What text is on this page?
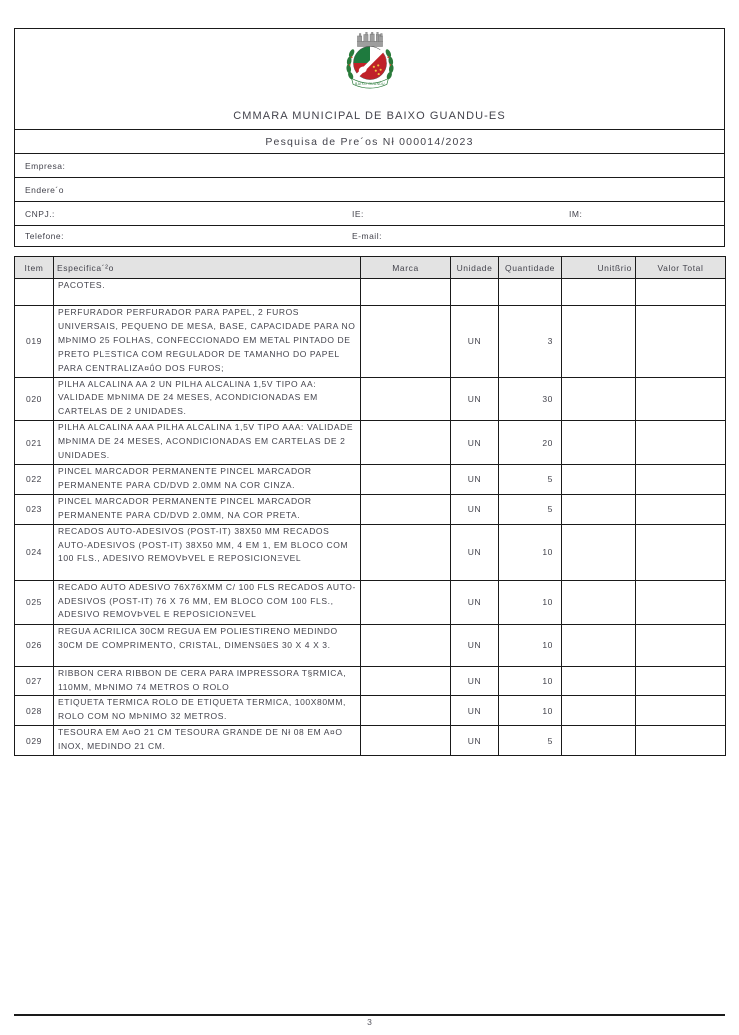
BAIXO GUANDU
CMMARA MUNICIPAL DE BAIXO GUANDU-ES
Pesquisa de Pre´os Nł 000014/2023
Empresa:
Endere´o
CNPJ.:	IE:	IM:
Telefone:	E-mail:
Item	Especifica´²o	Marca	Unidade	Quantidade	Unitßrio	Valor Total
	PACOTES.					
019	PERFURADOR PERFURADOR PARA PAPEL, 2 FUROS UNIVERSAIS, PEQUENO DE MESA, BASE, CAPACIDADE PARA NO MÞNIMO 25 FOLHAS, CONFECCIONADO EM METAL PINTADO DE PRETO PLΞSTICA COM REGULADOR DE TAMANHO DO PAPEL PARA CENTRALIZA¤ṹO DOS FUROS;		UN	3		
020	PILHA ALCALINA AA 2 UN PILHA ALCALINA 1,5V TIPO AA: VALIDADE MÞNIMA DE 24 MESES, ACONDICIONADAS EM CARTELAS DE 2 UNIDADES.		UN	30		
021	PILHA ALCALINA AAA PILHA ALCALINA 1,5V TIPO AAA: VALIDADE MÞNIMA DE 24 MESES, ACONDICIONADAS EM CARTELAS DE 2 UNIDADES.		UN	20		
022	PINCEL MARCADOR PERMANENTE PINCEL MARCADOR PERMANENTE PARA CD/DVD 2.0MM NA COR CINZA.		UN	5		
023	PINCEL MARCADOR PERMANENTE PINCEL MARCADOR PERMANENTE PARA CD/DVD 2.0MM, NA COR PRETA.		UN	5		
024	RECADOS AUTO-ADESIVOS (POST-IT) 38X50 MM RECADOS AUTO-ADESIVOS (POST-IT) 38X50 MM, 4 EM 1, EM BLOCO COM 100 FLS., ADESIVO REMOVÞVEL E REPOSICIONΞVEL		UN	10		
025	RECADO AUTO ADESIVO 76X76XMM C/ 100 FLS RECADOS AUTO-ADESIVOS (POST-IT) 76 X 76 MM, EM BLOCO COM 100 FLS., ADESIVO REMOVÞVEL E REPOSICIONΞVEL		UN	10		
026	REGUA ACRILICA 30CM REGUA EM POLIESTIRENO MEDINDO 30CM DE COMPRIMENTO, CRISTAL, DIMENSŭES 30 X 4 X 3.		UN	10		
027	RIBBON CERA RIBBON DE CERA PARA IMPRESSORA T§RMICA, 110MM, MÞNIMO 74 METROS O ROLO		UN	10		
028	ETIQUETA TERMICA ROLO DE ETIQUETA TERMICA, 100X80MM, ROLO COM NO MÞNIMO 32 METROS.		UN	10		
029	TESOURA EM A¤O 21 CM TESOURA GRANDE DE Nł 08 EM A¤O INOX, MEDINDO 21 CM.		UN	5		
3
